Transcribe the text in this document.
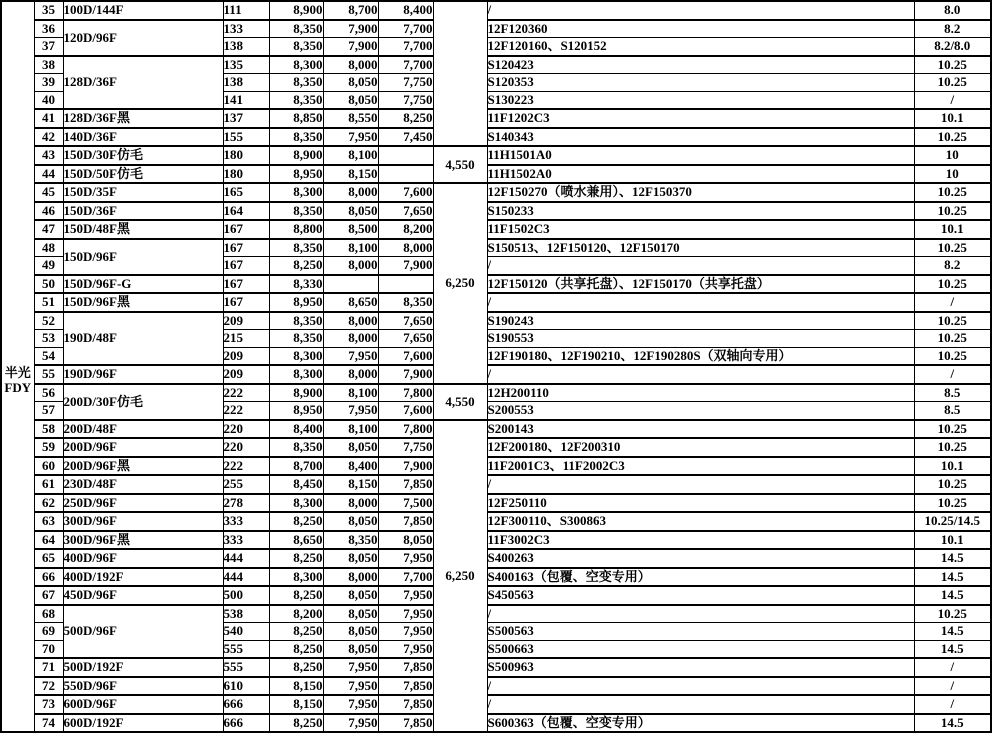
半光
FDY	35	100D/144F	111	8,900	8,700	8,400		/	8.0
	36	120D/96F	133	8,350	7,900	7,700		12F120360	8.2
	37		138	8,350	7,900	7,700		12F120160、S120152	8.2/8.0
	38	128D/36F	135	8,300	8,000	7,700		S120423	10.25
	39		138	8,350	8,050	7,750		S120353	10.25
	40		141	8,350	8,050	7,750		S130223	/
	41	128D/36F黑	137	8,850	8,550	8,250		11F1202C3	10.1
	42	140D/36F	155	8,350	7,950	7,450		S140343	10.25
	43	150D/30F仿毛	180	8,900	8,100		4,550	11H1501A0	10
	44	150D/50F仿毛	180	8,950	8,150			11H1502A0	10
	45	150D/35F	165	8,300	8,000	7,600	6,250	12F150270（喷水兼用）、12F150370	10.25
	46	150D/36F	164	8,350	8,050	7,650		S150233	10.25
	47	150D/48F黑	167	8,800	8,500	8,200		11F1502C3	10.1
	48	150D/96F	167	8,350	8,100	8,000		S150513、12F150120、12F150170	10.25
	49		167	8,250	8,000	7,900		/	8.2
	50	150D/96F-G	167	8,330				12F150120（共享托盘）、12F150170（共享托盘）	10.25
	51	150D/96F黑	167	8,950	8,650	8,350		/	/
	52	190D/48F	209	8,350	8,000	7,650		S190243	10.25
	53		215	8,350	8,000	7,650		S190553	10.25
	54		209	8,300	7,950	7,600		12F190180、12F190210、12F190280S（双轴向专用）	10.25
	55	190D/96F	209	8,300	8,000	7,900		/	/
	56	200D/30F仿毛	222	8,900	8,100	7,800	4,550	12H200110	8.5
	57		222	8,950	7,950	7,600		S200553	8.5
	58	200D/48F	220	8,400	8,100	7,800	6,250	S200143	10.25
	59	200D/96F	220	8,350	8,050	7,750		12F200180、12F200310	10.25
	60	200D/96F黑	222	8,700	8,400	7,900		11F2001C3、11F2002C3	10.1
	61	230D/48F	255	8,450	8,150	7,850		/	10.25
	62	250D/96F	278	8,300	8,000	7,500		12F250110	10.25
	63	300D/96F	333	8,250	8,050	7,850		12F300110、S300863	10.25/14.5
	64	300D/96F黑	333	8,650	8,350	8,050		11F3002C3	10.1
	65	400D/96F	444	8,250	8,050	7,950		S400263	14.5
	66	400D/192F	444	8,300	8,000	7,700		S400163（包覆、空变专用）	14.5
	67	450D/96F	500	8,250	8,050	7,950		S450563	14.5
	68	500D/96F	538	8,200	8,050	7,950		/	10.25
	69		540	8,250	8,050	7,950		S500563	14.5
	70		555	8,250	8,050	7,950		S500663	14.5
	71	500D/192F	555	8,250	7,950	7,850		S500963	/
	72	550D/96F	610	8,150	7,950	7,850		/	/
	73	600D/96F	666	8,150	7,950	7,850		/	/
	74	600D/192F	666	8,250	7,950	7,850		S600363（包覆、空变专用）	14.5
